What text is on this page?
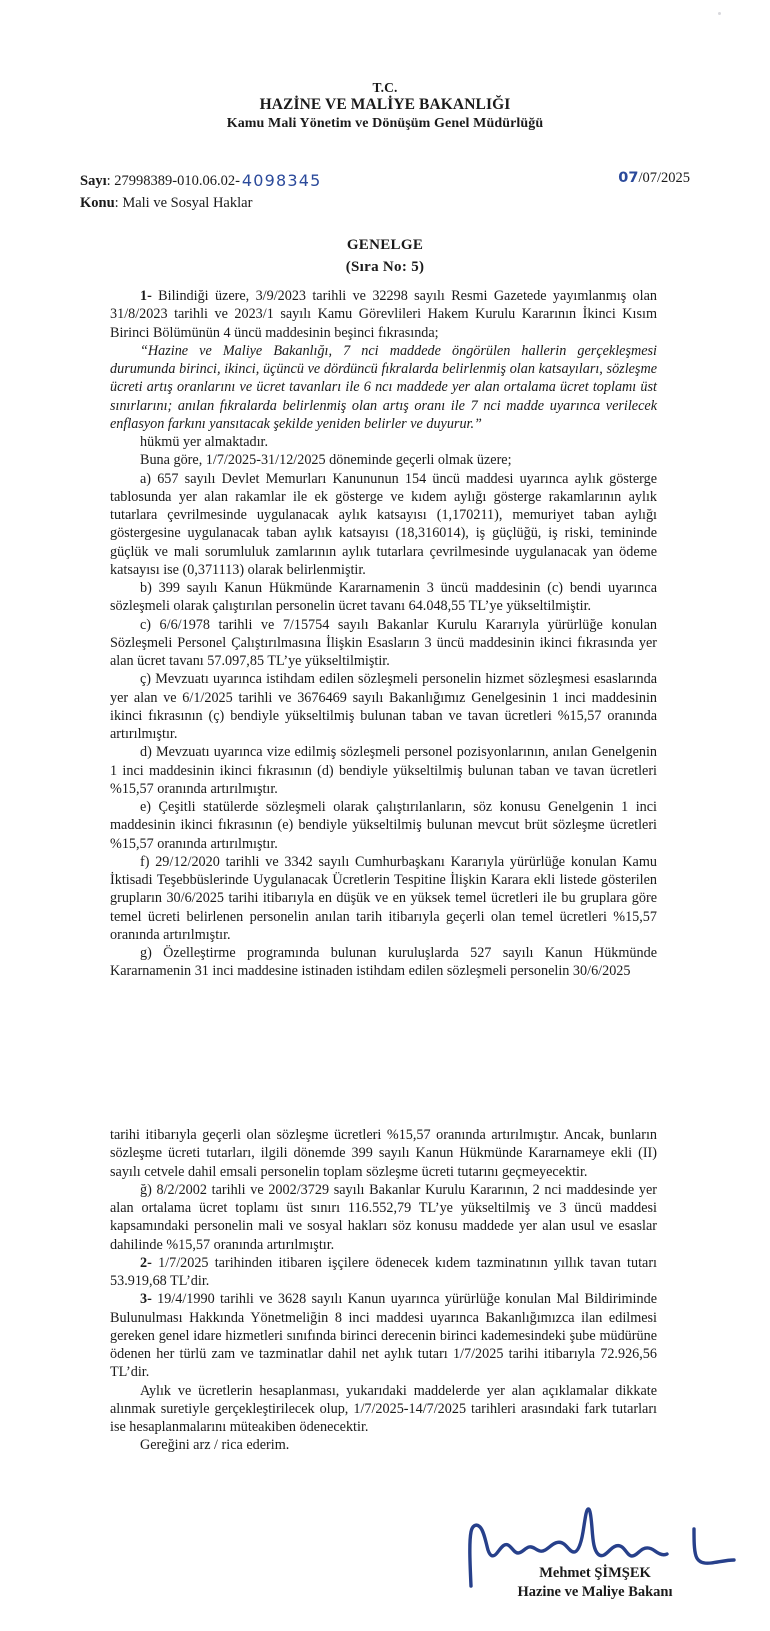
T.C.
HAZİNE VE MALİYE BAKANLIĞI
Kamu Mali Yönetim ve Dönüşüm Genel Müdürlüğü
Sayı: 27998389-010.06.02- 4098345	07/07/2025
Konu: Mali ve Sosyal Haklar
GENELGE
(Sıra No: 5)

1- Bilindiği üzere, 3/9/2023 tarihli ve 32298 sayılı Resmi Gazetede yayımlanmış olan 31/8/2023 tarihli ve 2023/1 sayılı Kamu Görevlileri Hakem Kurulu Kararının İkinci Kısım Birinci Bölümünün 4 üncü maddesinin beşinci fıkrasında;

“Hazine ve Maliye Bakanlığı, 7 nci maddede öngörülen hallerin gerçekleşmesi durumunda birinci, ikinci, üçüncü ve dördüncü fıkralarda belirlenmiş olan katsayıları, sözleşme ücreti artış oranlarını ve ücret tavanları ile 6 ncı maddede yer alan ortalama ücret toplamı üst sınırlarını; anılan fıkralarda belirlenmiş olan artış oranı ile 7 nci madde uyarınca verilecek enflasyon farkını yansıtacak şekilde yeniden belirler ve duyurur.”

hükmü yer almaktadır.

Buna göre, 1/7/2025-31/12/2025 döneminde geçerli olmak üzere;

a) 657 sayılı Devlet Memurları Kanununun 154 üncü maddesi uyarınca aylık gösterge tablosunda yer alan rakamlar ile ek gösterge ve kıdem aylığı gösterge rakamlarının aylık tutarlara çevrilmesinde uygulanacak aylık katsayısı (1,170211), memuriyet taban aylığı göstergesine uygulanacak taban aylık katsayısı (18,316014), iş güçlüğü, iş riski, temininde güçlük ve mali sorumluluk zamlarının aylık tutarlara çevrilmesinde uygulanacak yan ödeme katsayısı ise (0,371113) olarak belirlenmiştir.

b) 399 sayılı Kanun Hükmünde Kararnamenin 3 üncü maddesinin (c) bendi uyarınca sözleşmeli olarak çalıştırılan personelin ücret tavanı 64.048,55 TL’ye yükseltilmiştir.

c) 6/6/1978 tarihli ve 7/15754 sayılı Bakanlar Kurulu Kararıyla yürürlüğe konulan Sözleşmeli Personel Çalıştırılmasına İlişkin Esasların 3 üncü maddesinin ikinci fıkrasında yer alan ücret tavanı 57.097,85 TL’ye yükseltilmiştir.

ç) Mevzuatı uyarınca istihdam edilen sözleşmeli personelin hizmet sözleşmesi esaslarında yer alan ve 6/1/2025 tarihli ve 3676469 sayılı Bakanlığımız Genelgesinin 1 inci maddesinin ikinci fıkrasının (ç) bendiyle yükseltilmiş bulunan taban ve tavan ücretleri %15,57 oranında artırılmıştır.

d) Mevzuatı uyarınca vize edilmiş sözleşmeli personel pozisyonlarının, anılan Genelgenin 1 inci maddesinin ikinci fıkrasının (d) bendiyle yükseltilmiş bulunan taban ve tavan ücretleri %15,57 oranında artırılmıştır.

e) Çeşitli statülerde sözleşmeli olarak çalıştırılanların, söz konusu Genelgenin 1 inci maddesinin ikinci fıkrasının (e) bendiyle yükseltilmiş bulunan mevcut brüt sözleşme ücretleri %15,57 oranında artırılmıştır.

f) 29/12/2020 tarihli ve 3342 sayılı Cumhurbaşkanı Kararıyla yürürlüğe konulan Kamu İktisadi Teşebbüslerinde Uygulanacak Ücretlerin Tespitine İlişkin Karara ekli listede gösterilen grupların 30/6/2025 tarihi itibarıyla en düşük ve en yüksek temel ücretleri ile bu gruplara göre temel ücreti belirlenen personelin anılan tarih itibarıyla geçerli olan temel ücretleri %15,57 oranında artırılmıştır.

g) Özelleştirme programında bulunan kuruluşlarda 527 sayılı Kanun Hükmünde Kararnamenin 31 inci maddesine istinaden istihdam edilen sözleşmeli personelin 30/6/2025

tarihi itibarıyla geçerli olan sözleşme ücretleri %15,57 oranında artırılmıştır. Ancak, bunların sözleşme ücreti tutarları, ilgili dönemde 399 sayılı Kanun Hükmünde Kararnameye ekli (II) sayılı cetvele dahil emsali personelin toplam sözleşme ücreti tutarını geçmeyecektir.

ğ) 8/2/2002 tarihli ve 2002/3729 sayılı Bakanlar Kurulu Kararının, 2 nci maddesinde yer alan ortalama ücret toplamı üst sınırı 116.552,79 TL’ye yükseltilmiş ve 3 üncü maddesi kapsamındaki personelin mali ve sosyal hakları söz konusu maddede yer alan usul ve esaslar dahilinde %15,57 oranında artırılmıştır.

2- 1/7/2025 tarihinden itibaren işçilere ödenecek kıdem tazminatının yıllık tavan tutarı 53.919,68 TL’dir.

3- 19/4/1990 tarihli ve 3628 sayılı Kanun uyarınca yürürlüğe konulan Mal Bildiriminde Bulunulması Hakkında Yönetmeliğin 8 inci maddesi uyarınca Bakanlığımızca ilan edilmesi gereken genel idare hizmetleri sınıfında birinci derecenin birinci kademesindeki şube müdürüne ödenen her türlü zam ve tazminatlar dahil net aylık tutarı 1/7/2025 tarihi itibarıyla 72.926,56 TL’dir.

Aylık ve ücretlerin hesaplanması, yukarıdaki maddelerde yer alan açıklamalar dikkate alınmak suretiyle gerçekleştirilecek olup, 1/7/2025-14/7/2025 tarihleri arasındaki fark tutarları ise hesaplanmalarını müteakiben ödenecektir.

Gereğini arz / rica ederim.

Mehmet ŞİMŞEK
Hazine ve Maliye Bakanı
